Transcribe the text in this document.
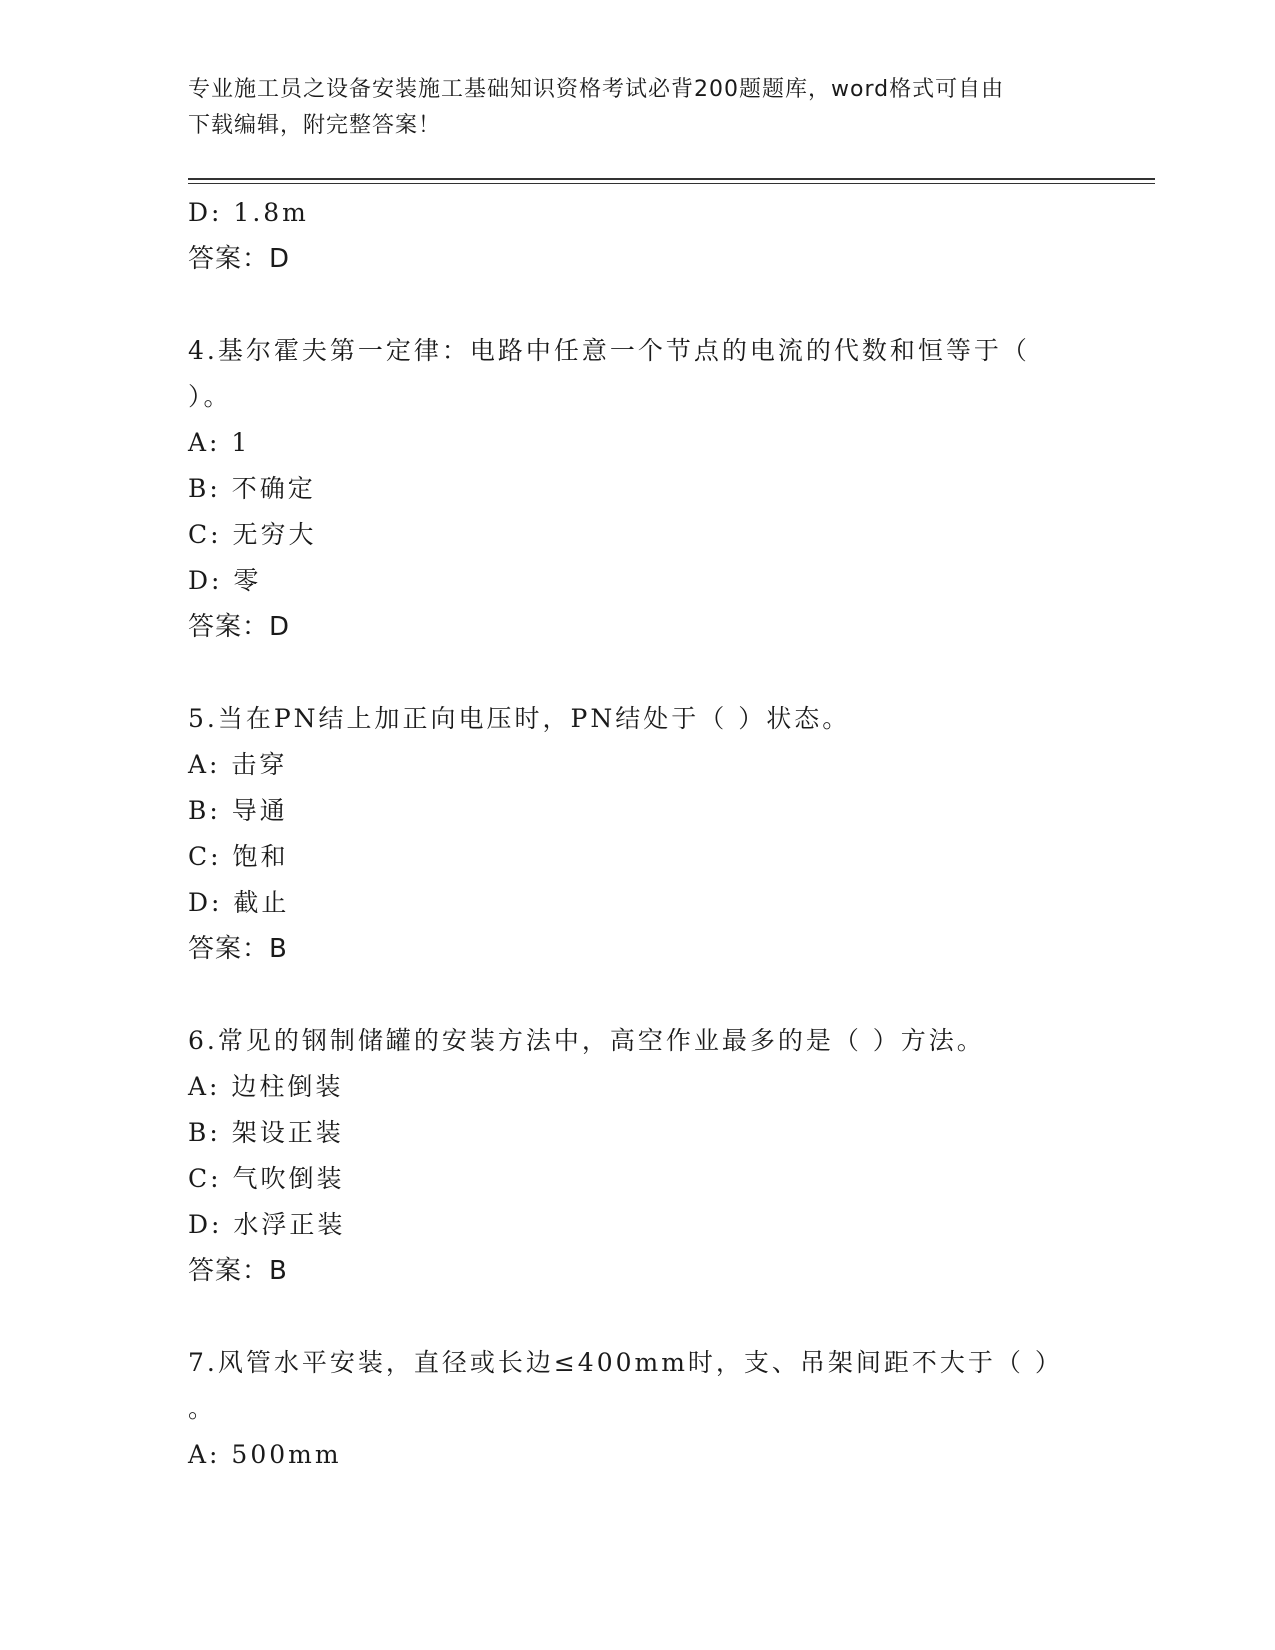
专业施工员之设备安装施工基础知识资格考试必背200题题库，word格式可自由
下载编辑，附完整答案！
D: 1.8m
答案：D
4.基尔霍夫第一定律：电路中任意一个节点的电流的代数和恒等于（
）。
A: 1
B: 不确定
C: 无穷大
D: 零
答案：D
5.当在PN结上加正向电压时，PN结处于（ ）状态。
A: 击穿
B: 导通
C: 饱和
D: 截止
答案：B
6.常见的钢制储罐的安装方法中，高空作业最多的是（ ）方法。
A: 边柱倒装
B: 架设正装
C: 气吹倒装
D: 水浮正装
答案：B
7.风管水平安装，直径或长边≤400mm时，支、吊架间距不大于（ ）
。
A: 500mm
